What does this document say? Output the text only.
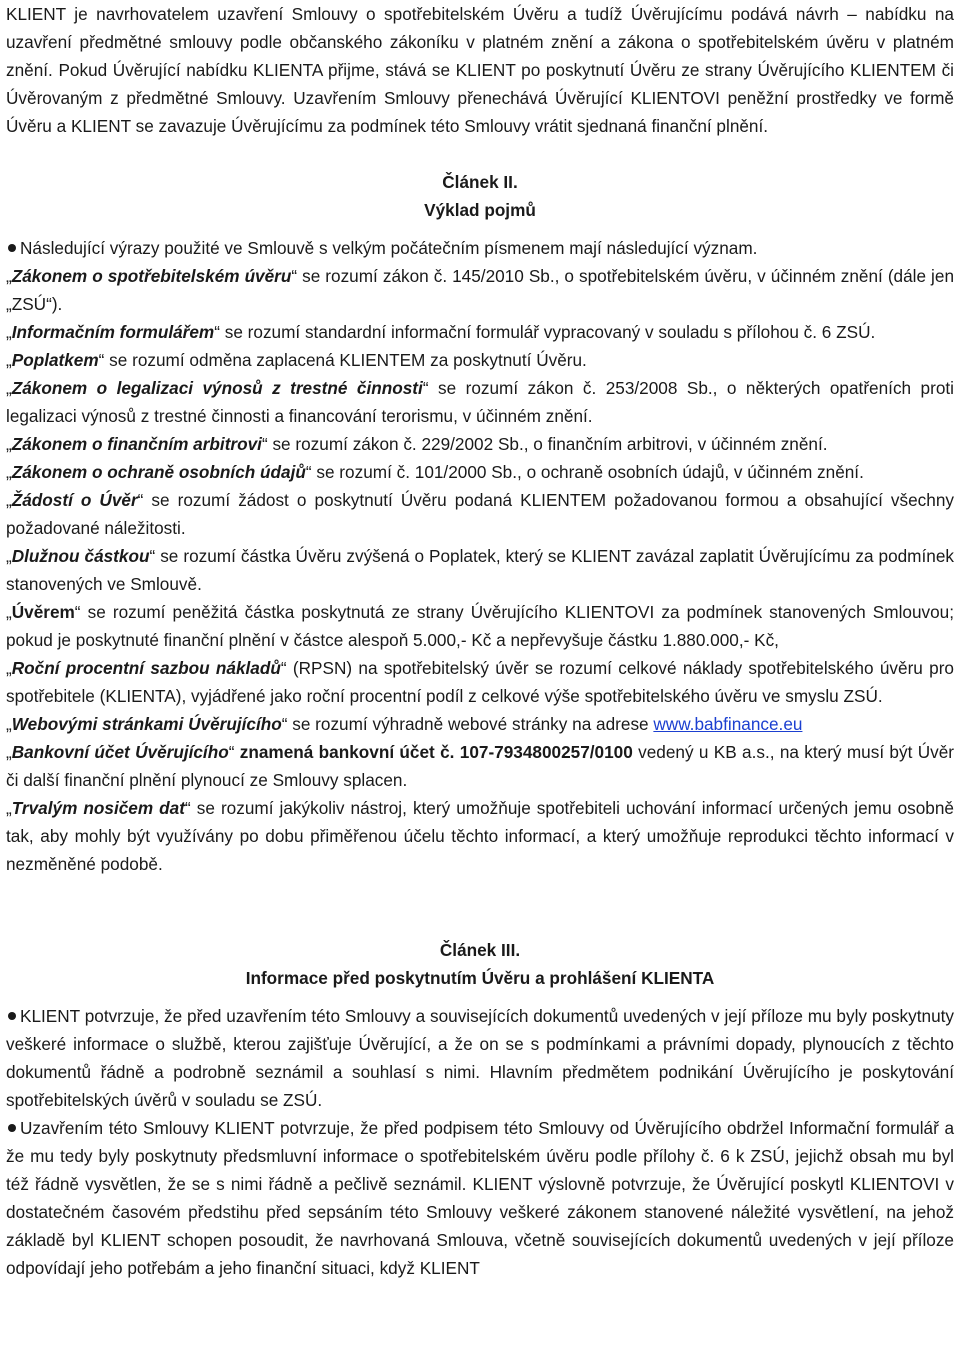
KLIENT je navrhovatelem uzavření Smlouvy o spotřebitelském Úvěru a tudíž Úvěrujícímu podává návrh – nabídku na uzavření předmětné smlouvy podle občanského zákoníku v platném znění a zákona o spotřebitelském úvěru v platném znění. Pokud Úvěrující nabídku KLIENTA přijme, stává se KLIENT po poskytnutí Úvěru ze strany Úvěrujícího KLIENTEM či Úvěrovaným z předmětné Smlouvy. Uzavřením Smlouvy přenechává Úvěrující KLIENTOVI peněžní prostředky ve formě Úvěru a KLIENT se zavazuje Úvěrujícímu za podmínek této Smlouvy vrátit sjednaná finanční plnění.

Článek II.

Výklad pojmů

Následující výrazy použité ve Smlouvě s velkým počátečním písmenem mají následující význam.

„Zákonem o spotřebitelském úvěru“ se rozumí zákon č. 145/2010 Sb., o spotřebitelském úvěru, v účinném znění (dále jen „ZSÚ“).

„Informačním formulářem“ se rozumí standardní informační formulář vypracovaný v souladu s přílohou č. 6 ZSÚ.

„Poplatkem“ se rozumí odměna zaplacená KLIENTEM za poskytnutí Úvěru.

„Zákonem o legalizaci výnosů z trestné činnosti“ se rozumí zákon č. 253/2008 Sb., o některých opatřeních proti legalizaci výnosů z trestné činnosti a financování terorismu, v účinném znění.

„Zákonem o finančním arbitrovi“ se rozumí zákon č. 229/2002 Sb., o finančním arbitrovi, v účinném znění.

„Zákonem o ochraně osobních údajů“ se rozumí č. 101/2000 Sb., o ochraně osobních údajů, v účinném znění.

„Žádostí o Úvěr“ se rozumí žádost o poskytnutí Úvěru podaná KLIENTEM požadovanou formou a obsahující všechny požadované náležitosti.

„Dlužnou částkou“ se rozumí částka Úvěru zvýšená o Poplatek, který se KLIENT zavázal zaplatit Úvěrujícímu za podmínek stanovených ve Smlouvě.

„Úvěrem“ se rozumí peněžitá částka poskytnutá ze strany Úvěrujícího KLIENTOVI za podmínek stanovených Smlouvou; pokud je poskytnuté finanční plnění v částce alespoň 5.000,- Kč a nepřevyšuje částku 1.880.000,- Kč,

„Roční procentní sazbou nákladů“ (RPSN) na spotřebitelský úvěr se rozumí celkové náklady spotřebitelského úvěru pro spotřebitele (KLIENTA), vyjádřené jako roční procentní podíl z celkové výše spotřebitelského úvěru ve smyslu ZSÚ.

„Webovými stránkami Úvěrujícího“ se rozumí výhradně webové stránky na adrese www.babfinance.eu

„Bankovní účet Úvěrujícího“ znamená bankovní účet č. 107-7934800257/0100 vedený u KB a.s., na který musí být Úvěr či další finanční plnění plynoucí ze Smlouvy splacen.

„Trvalým nosičem dat“ se rozumí jakýkoliv nástroj, který umožňuje spotřebiteli uchování informací určených jemu osobně tak, aby mohly být využívány po dobu přiměřenou účelu těchto informací, a který umožňuje reprodukci těchto informací v nezměněné podobě.

Článek III.

Informace před poskytnutím Úvěru a prohlášení KLIENTA

KLIENT potvrzuje, že před uzavřením této Smlouvy a souvisejících dokumentů uvedených v její příloze mu byly poskytnuty veškeré informace o službě, kterou zajišťuje Úvěrující, a že on se s podmínkami a právními dopady, plynoucích z těchto dokumentů řádně a podrobně seznámil a souhlasí s nimi. Hlavním předmětem podnikání Úvěrujícího je poskytování spotřebitelských úvěrů v souladu se ZSÚ.

Uzavřením této Smlouvy KLIENT potvrzuje, že před podpisem této Smlouvy od Úvěrujícího obdržel Informační formulář a že mu tedy byly poskytnuty předsmluvní informace o spotřebitelském úvěru podle přílohy č. 6 k ZSÚ, jejichž obsah mu byl též řádně vysvětlen, že se s nimi řádně a pečlivě seznámil. KLIENT výslovně potvrzuje, že Úvěrující poskytl KLIENTOVI v dostatečném časovém předstihu před sepsáním této Smlouvy veškeré zákonem stanovené náležité vysvětlení, na jehož základě byl KLIENT schopen posoudit, že navrhovaná Smlouva, včetně souvisejících dokumentů uvedených v její příloze odpovídají jeho potřebám a jeho finanční situaci, když KLIENT
